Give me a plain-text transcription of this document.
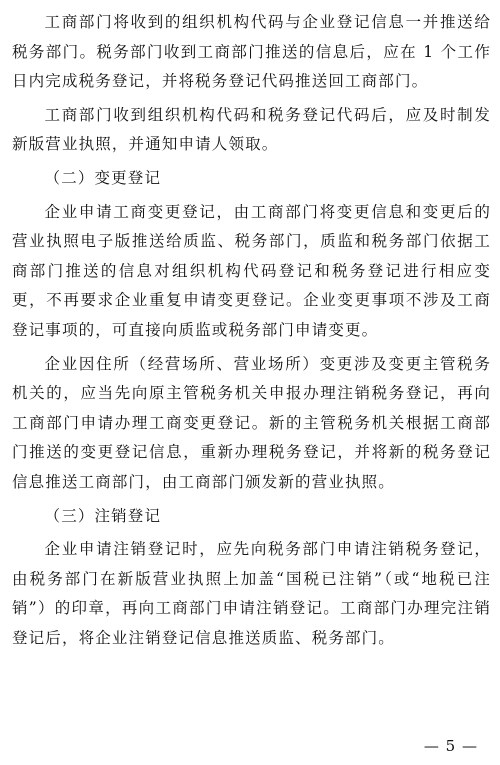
工商部门将收到的组织机构代码与企业登记信息一并推送给税务部门。税务部门收到工商部门推送的信息后，应在 1 个工作日内完成税务登记，并将税务登记代码推送回工商部门。

工商部门收到组织机构代码和税务登记代码后，应及时制发新版营业执照，并通知申请人领取。

（二）变更登记

企业申请工商变更登记，由工商部门将变更信息和变更后的营业执照电子版推送给质监、税务部门，质监和税务部门依据工商部门推送的信息对组织机构代码登记和税务登记进行相应变更，不再要求企业重复申请变更登记。企业变更事项不涉及工商登记事项的，可直接向质监或税务部门申请变更。

企业因住所（经营场所、营业场所）变更涉及变更主管税务机关的，应当先向原主管税务机关申报办理注销税务登记，再向工商部门申请办理工商变更登记。新的主管税务机关根据工商部门推送的变更登记信息，重新办理税务登记，并将新的税务登记信息推送工商部门，由工商部门颁发新的营业执照。

（三）注销登记

企业申请注销登记时，应先向税务部门申请注销税务登记，由税务部门在新版营业执照上加盖“国税已注销”（或“地税已注销”）的印章，再向工商部门申请注销登记。工商部门办理完注销登记后，将企业注销登记信息推送质监、税务部门。

— 5 —
